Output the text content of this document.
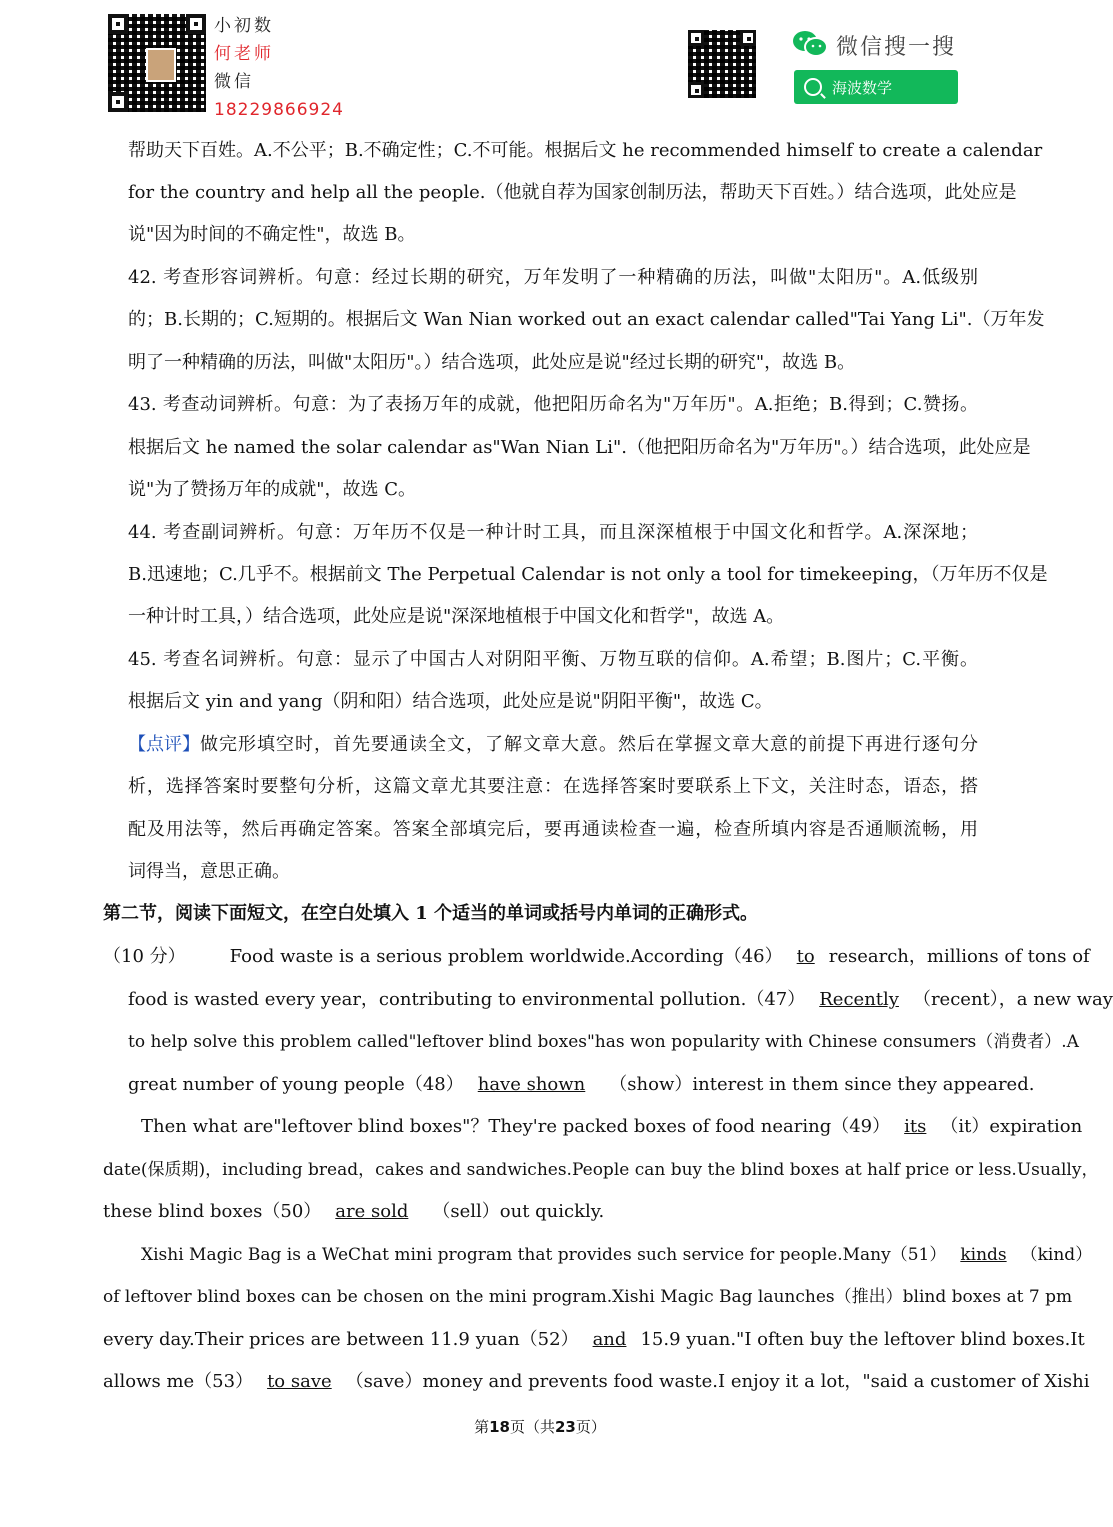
小初数
何老师
微信
18229866924
微信搜一搜
海波数学
帮助天下百姓。A.不公平；B.不确定性；C.不可能。根据后文 he recommended himself to create a calendar
for the country and help all the people.（他就自荐为国家创制历法，帮助天下百姓。）结合选项，此处应是
说"因为时间的不确定性"，故选 B。
42. 考查形容词辨析。句意：经过长期的研究，万年发明了一种精确的历法，叫做"太阳历"。A.低级别
的；B.长期的；C.短期的。根据后文 Wan Nian worked out an exact calendar called"Tai Yang Li".（万年发
明了一种精确的历法，叫做"太阳历"。）结合选项，此处应是说"经过长期的研究"，故选 B。
43. 考查动词辨析。句意：为了表扬万年的成就，他把阳历命名为"万年历"。A.拒绝；B.得到；C.赞扬。
根据后文 he named the solar calendar as"Wan Nian Li".（他把阳历命名为"万年历"。）结合选项，此处应是
说"为了赞扬万年的成就"，故选 C。
44. 考查副词辨析。句意：万年历不仅是一种计时工具，而且深深植根于中国文化和哲学。A.深深地；
B.迅速地；C.几乎不。根据前文 The Perpetual Calendar is not only a tool for timekeeping，（万年历不仅是
一种计时工具，）结合选项，此处应是说"深深地植根于中国文化和哲学"，故选 A。
45. 考查名词辨析。句意：显示了中国古人对阴阳平衡、万物互联的信仰。A.希望；B.图片；C.平衡。
根据后文 yin and yang（阴和阳）结合选项，此处应是说"阴阳平衡"，故选 C。
【点评】 做完形填空时，首先要通读全文，了解文章大意。然后在掌握文章大意的前提下再进行逐句分
析，选择答案时要整句分析，这篇文章尤其要注意：在选择答案时要联系上下文，关注时态，语态，搭
配及用法等，然后再确定答案。答案全部填完后，要再通读检查一遍，检查所填内容是否通顺流畅，用
词得当，意思正确。
第二节，阅读下面短文，在空白处填入 1 个适当的单词或括号内单词的正确形式。
（10 分） Food waste is a serious problem worldwide.According（46） to research，millions of tons of
food is wasted every year，contributing to environmental pollution.（47） Recently （recent），a new way
to help solve this problem called"leftover blind boxes"has won popularity with Chinese consumers（消费者）.A
great number of young people（48） have shown	（show）interest in them since they appeared.
Then what are"leftover blind boxes"？They're packed boxes of food nearing（49） its （it）expiration
date(保质期)，including bread，cakes and sandwiches.People can buy the blind boxes at half price or less.Usually，
these blind boxes（50） are sold	（sell）out quickly.
Xishi Magic Bag is a WeChat mini program that provides such service for people.Many（51） kinds （kind）
of leftover blind boxes can be chosen on the mini program.Xishi Magic Bag launches（推出）blind boxes at 7 pm
every day.Their prices are between 11.9 yuan（52） and 15.9 yuan."I often buy the leftover blind boxes.It
allows me（53） to save （save）money and prevents food waste.I enjoy it a lot，"said a customer of Xishi
第18页（共23页）
